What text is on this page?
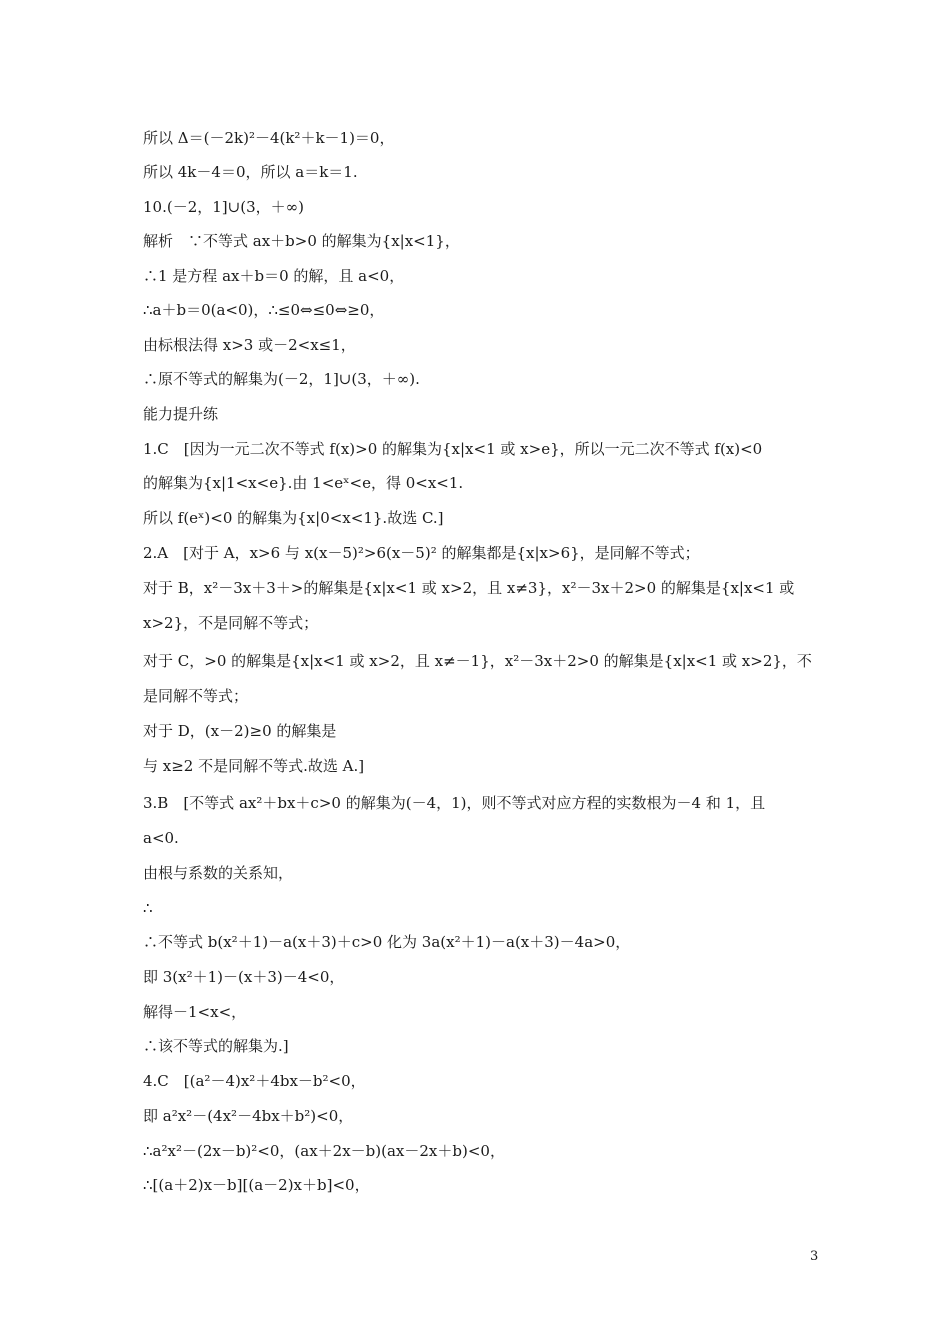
所以 Δ＝(－2k)²－4(k²＋k－1)＝0，
所以 4k－4＝0，所以 a＝k＝1.
10.(－2，1]∪(3，＋∞)
解析　∵不等式 ax＋b>0 的解集为{x|x<1}，
∴1 是方程 ax＋b＝0 的解，且 a<0，
∴a＋b＝0(a<0)，∴≤0⇔≤0⇔≥0，
由标根法得 x>3 或－2<x≤1，
∴原不等式的解集为(－2，1]∪(3，＋∞).
能力提升练
1.C　[因为一元二次不等式 f(x)>0 的解集为{x|x<1 或 x>e}，所以一元二次不等式 f(x)<0
的解集为{x|1<x<e}.由 1<eˣ<e，得 0<x<1.
所以 f(eˣ)<0 的解集为{x|0<x<1}.故选 C.]
2.A　[对于 A，x>6 与 x(x－5)²>6(x－5)² 的解集都是{x|x>6}，是同解不等式；
对于 B，x²－3x＋3＋>的解集是{x|x<1 或 x>2，且 x≠3}，x²－3x＋2>0 的解集是{x|x<1 或
x>2}，不是同解不等式；
对于 C，>0 的解集是{x|x<1 或 x>2，且 x≠－1}，x²－3x＋2>0 的解集是{x|x<1 或 x>2}，不
是同解不等式；
对于 D，(x－2)≥0 的解集是
与 x≥2 不是同解不等式.故选 A.]
3.B　[不等式 ax²＋bx＋c>0 的解集为(－4，1)，则不等式对应方程的实数根为－4 和 1，且
a<0.
由根与系数的关系知，
∴
∴不等式 b(x²＋1)－a(x＋3)＋c>0 化为 3a(x²＋1)－a(x＋3)－4a>0，
即 3(x²＋1)－(x＋3)－4<0，
解得－1<x<，
∴该不等式的解集为.]
4.C　[(a²－4)x²＋4bx－b²<0，
即 a²x²－(4x²－4bx＋b²)<0，
∴a²x²－(2x－b)²<0，(ax＋2x－b)(ax－2x＋b)<0，
∴[(a＋2)x－b][(a－2)x＋b]<0，
3
